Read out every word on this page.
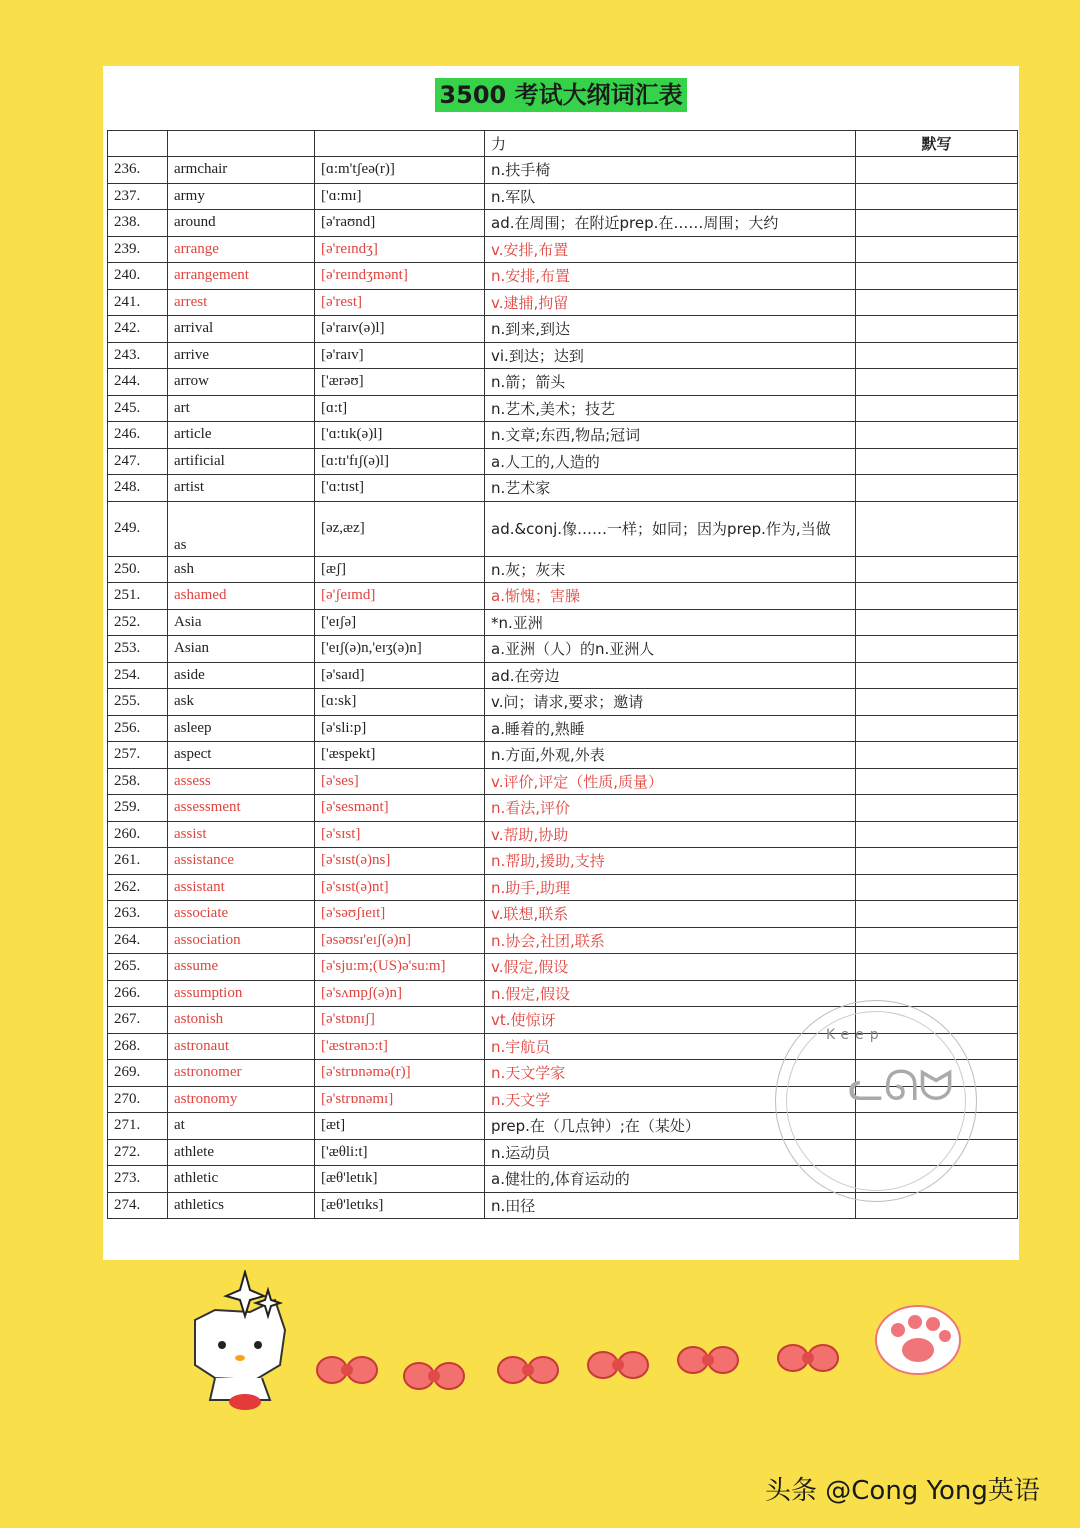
3500 考试大纲词汇表
			力	默写
236.	armchair	[ɑ:m'tʃeə(r)]	n.扶手椅	
237.	army	['ɑ:mɪ]	n.军队	
238.	around	[ə'raʊnd]	ad.在周围；在附近prep.在……周围；大约	
239.	arrange	[ə'reɪndʒ]	v.安排,布置	
240.	arrangement	[ə'reɪndʒmənt]	n.安排,布置	
241.	arrest	[ə'rest]	v.逮捕,拘留	
242.	arrival	[ə'raɪv(ə)l]	n.到来,到达	
243.	arrive	[ə'raɪv]	vi.到达；达到	
244.	arrow	['ærəʊ]	n.箭；箭头	
245.	art	[ɑ:t]	n.艺术,美术；技艺	
246.	article	['ɑ:tɪk(ə)l]	n.文章;东西,物品;冠词	
247.	artificial	[ɑ:tɪ'fɪʃ(ə)l]	a.人工的,人造的	
248.	artist	['ɑ:tɪst]	n.艺术家	
249.	as	[əz,æz]	ad.&conj.像……一样；如同；因为prep.作为,当做	
250.	ash	[æʃ]	n.灰；灰末	
251.	ashamed	[ə'ʃeɪmd]	a.惭愧；害臊	
252.	Asia	['eɪʃə]	*n.亚洲	
253.	Asian	['eɪʃ(ə)n,'eɪʒ(ə)n]	a.亚洲（人）的n.亚洲人	
254.	aside	[ə'saɪd]	ad.在旁边	
255.	ask	[ɑ:sk]	v.问；请求,要求；邀请	
256.	asleep	[ə'sli:p]	a.睡着的,熟睡	
257.	aspect	['æspekt]	n.方面,外观,外表	
258.	assess	[ə'ses]	v.评价,评定（性质,质量）	
259.	assessment	[ə'sesmənt]	n.看法,评价	
260.	assist	[ə'sɪst]	v.帮助,协助	
261.	assistance	[ə'sɪst(ə)ns]	n.帮助,援助,支持	
262.	assistant	[ə'sɪst(ə)nt]	n.助手,助理	
263.	associate	[ə'səʊʃɪeɪt]	v.联想,联系	
264.	association	[əsəʊsɪ'eɪʃ(ə)n]	n.协会,社团,联系	
265.	assume	[ə'sju:m;(US)ə'su:m]	v.假定,假设	
266.	assumption	[ə'sʌmpʃ(ə)n]	n.假定,假设	
267.	astonish	[ə'stɒnɪʃ]	vt.使惊讶	
268.	astronaut	['æstrənɔ:t]	n.宇航员	
269.	astronomer	[ə'strɒnəmə(r)]	n.天文学家	
270.	astronomy	[ə'strɒnəmɪ]	n.天文学	
271.	at	[æt]	prep.在（几点钟）;在（某处）	
272.	athlete	['æθli:t]	n.运动员	
273.	athletic	[æθ'letɪk]	a.健壮的,体育运动的	
274.	athletics	[æθ'letɪks]	n.田径	
Keep
ᓚᘏᗢ
头条 @Cong Yong英语
